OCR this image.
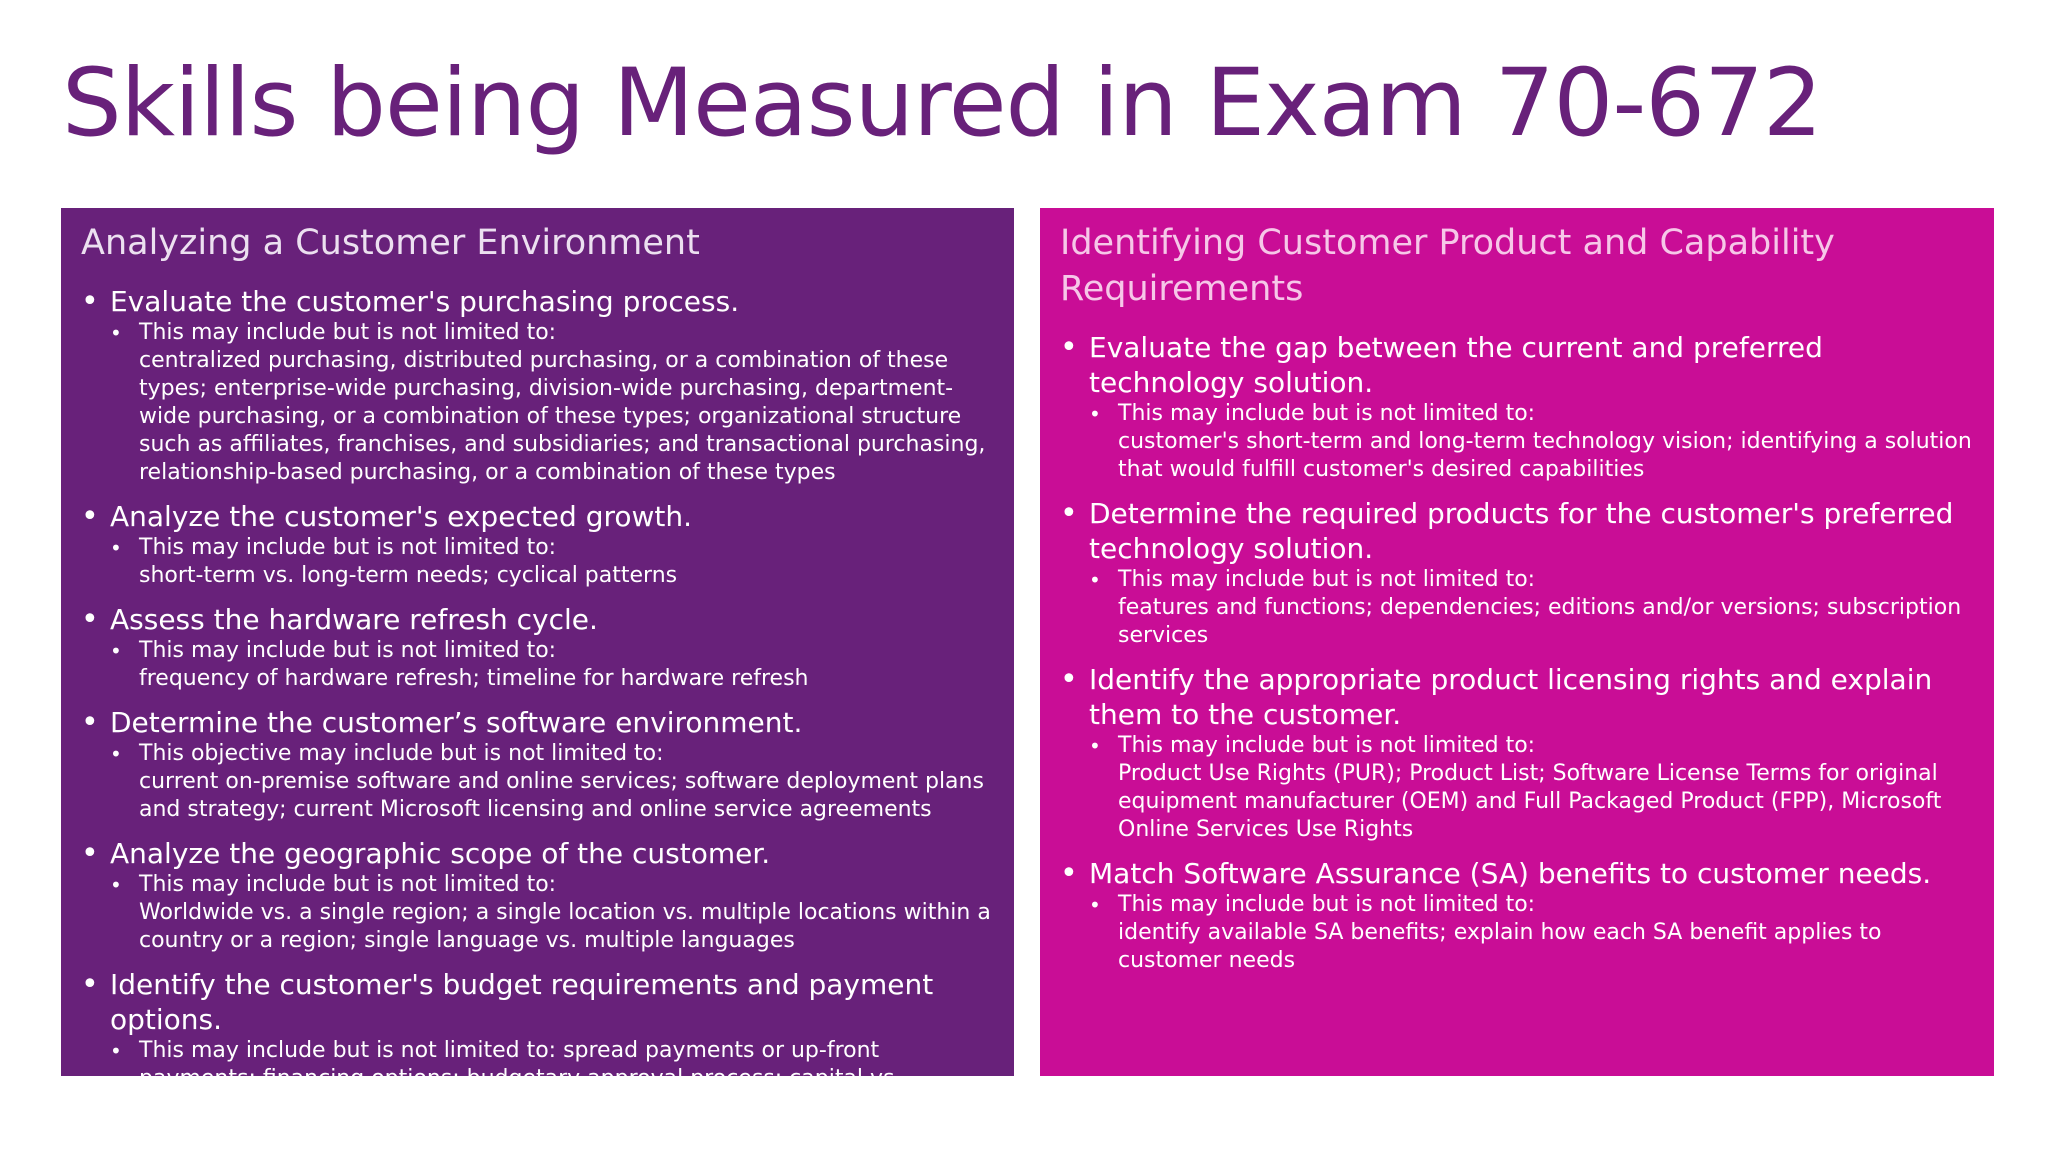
Skills being Measured in Exam 70-672
Analyzing a Customer Environment
• Evaluate the customer's purchasing process.
• This may include but is not limited to:
centralized purchasing, distributed purchasing, or a combination of these types; enterprise-wide purchasing, division-wide purchasing, department-wide purchasing, or a combination of these types; organizational structure such as affiliates, franchises, and subsidiaries; and transactional purchasing, relationship-based purchasing, or a combination of these types
• Analyze the customer's expected growth.
• This may include but is not limited to:
short-term vs. long-term needs; cyclical patterns
• Assess the hardware refresh cycle.
• This may include but is not limited to:
frequency of hardware refresh; timeline for hardware refresh
• Determine the customer’s software environment.
• This objective may include but is not limited to:
current on-premise software and online services; software deployment plans and strategy; current Microsoft licensing and online service agreements
• Analyze the geographic scope of the customer.
• This may include but is not limited to:
Worldwide vs. a single region; a single location vs. multiple locations within a country or a region; single language vs. multiple languages
• Identify the customer's budget requirements and payment options.
• This may include but is not limited to: spread payments or up-front payments; financing options; budgetary approval process; capital vs. operational expenditure
Identifying Customer Product and Capability Requirements
• Evaluate the gap between the current and preferred technology solution.
• This may include but is not limited to:
customer's short-term and long-term technology vision; identifying a solution that would fulfill customer's desired capabilities
• Determine the required products for the customer's preferred technology solution.
• This may include but is not limited to:
features and functions; dependencies; editions and/or versions; subscription services
• Identify the appropriate product licensing rights and explain them to the customer.
• This may include but is not limited to:
Product Use Rights (PUR); Product List; Software License Terms for original equipment manufacturer (OEM) and Full Packaged Product (FPP), Microsoft Online Services Use Rights
• Match Software Assurance (SA) benefits to customer needs.
• This may include but is not limited to:
identify available SA benefits; explain how each SA benefit applies to customer needs
